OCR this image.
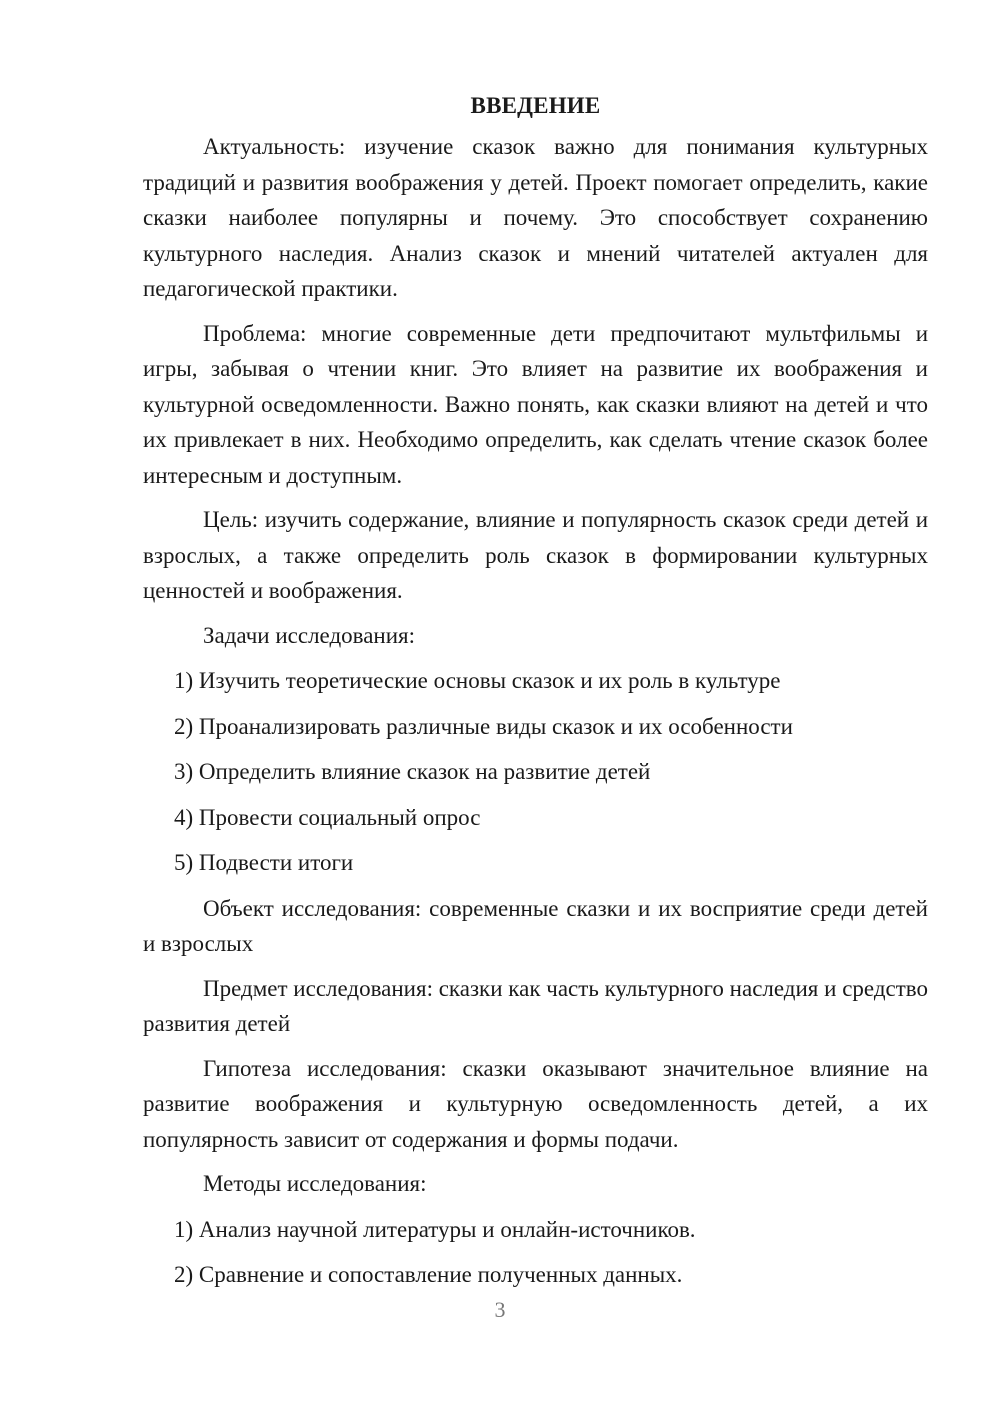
ВВЕДЕНИЕ

Актуальность: изучение сказок важно для понимания культурных традиций и развития воображения у детей. Проект помогает определить, какие сказки наиболее популярны и почему. Это способствует сохранению культурного наследия. Анализ сказок и мнений читателей актуален для педагогической практики.

Проблема: многие современные дети предпочитают мультфильмы и игры, забывая о чтении книг. Это влияет на развитие их воображения и культурной осведомленности. Важно понять, как сказки влияют на детей и что их привлекает в них. Необходимо определить, как сделать чтение сказок более интересным и доступным.

Цель: изучить содержание, влияние и популярность сказок среди детей и взрослых, а также определить роль сказок в формировании культурных ценностей и воображения.

Задачи исследования:

1) Изучить теоретические основы сказок и их роль в культуре
2) Проанализировать различные виды сказок и их особенности
3) Определить влияние сказок на развитие детей
4) Провести социальный опрос
5) Подвести итоги

Объект исследования: современные сказки и их восприятие среди детей и взрослых

Предмет исследования: сказки как часть культурного наследия и средство развития детей

Гипотеза исследования: сказки оказывают значительное влияние на развитие воображения и культурную осведомленность детей, а их популярность зависит от содержания и формы подачи.

Методы исследования:

1) Анализ научной литературы и онлайн-источников.
2) Сравнение и сопоставление полученных данных.
3
